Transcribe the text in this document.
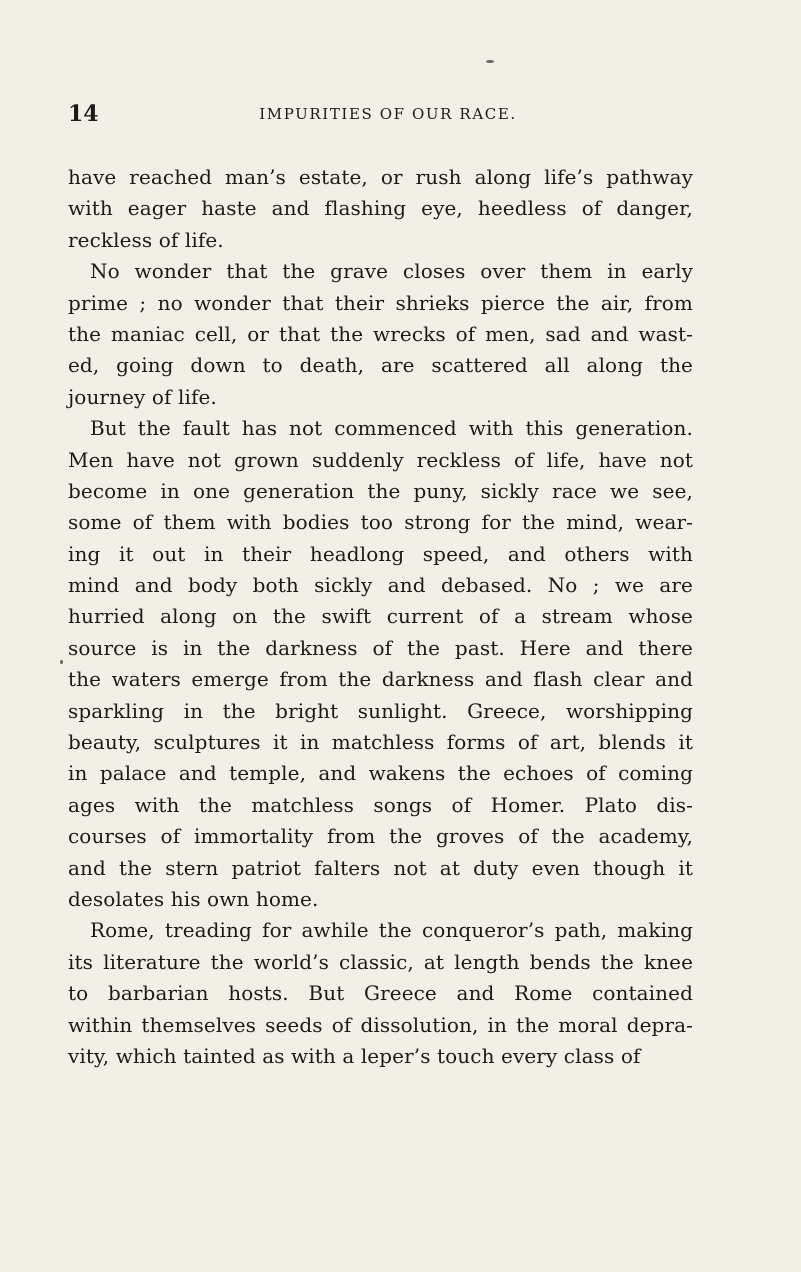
14	IMPURITIES OF OUR RACE.
have reached man’s estate, or rush along life’s pathway
with eager haste and flashing eye, heedless of danger,
reckless of life.
No wonder that the grave closes over them in early
prime ; no wonder that their shrieks pierce the air, from
the maniac cell, or that the wrecks of men, sad and wast-
ed, going down to death, are scattered all along the
journey of life.
But the fault has not commenced with this generation.
Men have not grown suddenly reckless of life, have not
become in one generation the puny, sickly race we see,
some of them with bodies too strong for the mind, wear-
ing it out in their headlong speed, and others with
mind and body both sickly and debased. No ; we are
hurried along on the swift current of a stream whose
source is in the darkness of the past. Here and there
the waters emerge from the darkness and flash clear and
sparkling in the bright sunlight. Greece, worshipping
beauty, sculptures it in matchless forms of art, blends it
in palace and temple, and wakens the echoes of coming
ages with the matchless songs of Homer. Plato dis-
courses of immortality from the groves of the academy,
and the stern patriot falters not at duty even though it
desolates his own home.
Rome, treading for awhile the conqueror’s path, making
its literature the world’s classic, at length bends the knee
to barbarian hosts. But Greece and Rome contained
within themselves seeds of dissolution, in the moral depra-
vity, which tainted as with a leper’s touch every class of
